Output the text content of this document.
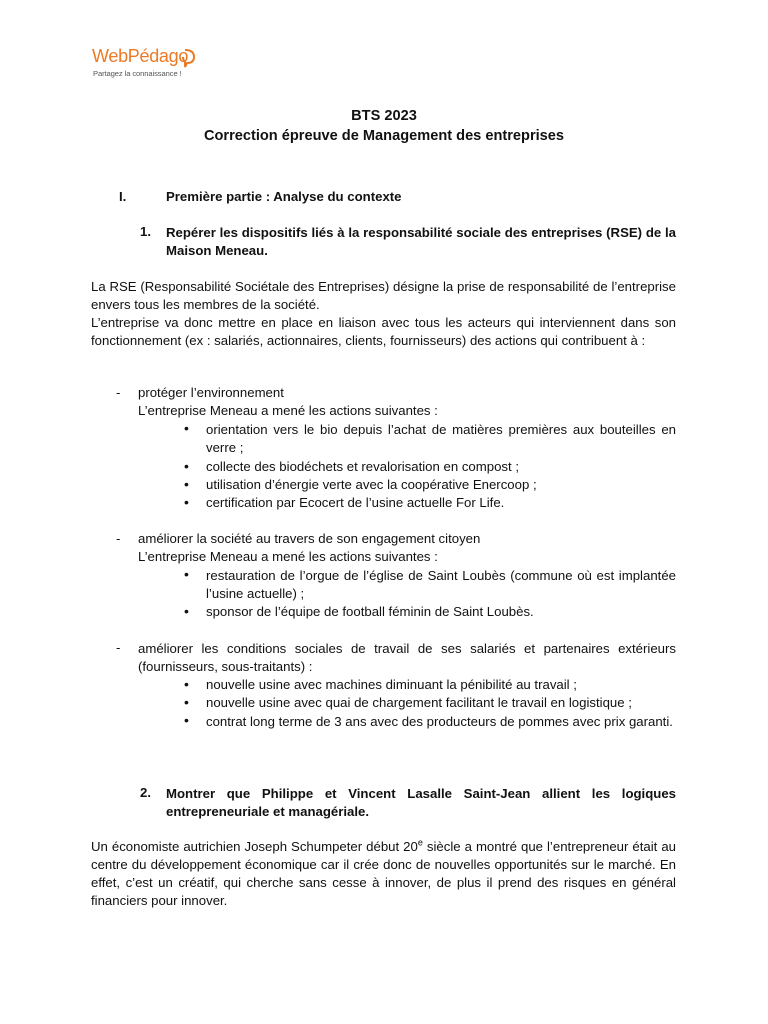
WebPédago
Partagez la connaissance !
BTS 2023
Correction épreuve de Management des entreprises
I.	Première partie : Analyse du contexte
1. Repérer les dispositifs liés à la responsabilité sociale des entreprises (RSE) de la Maison Meneau.
La RSE (Responsabilité Sociétale des Entreprises) désigne la prise de responsabilité de l’entreprise envers tous les membres de la société.
L’entreprise va donc mettre en place en liaison avec tous les acteurs qui interviennent dans son fonctionnement (ex : salariés, actionnaires, clients, fournisseurs) des actions qui contribuent à :
- protéger l’environnement
L’entreprise Meneau a mené les actions suivantes :
• orientation vers le bio depuis l’achat de matières premières aux bouteilles en verre ;
• collecte des biodéchets et revalorisation en compost ;
• utilisation d’énergie verte avec la coopérative Enercoop ;
• certification par Ecocert de l’usine actuelle For Life.
- améliorer la société au travers de son engagement citoyen
L’entreprise Meneau a mené les actions suivantes :
• restauration de l’orgue de l’église de Saint Loubès (commune où est implantée l’usine actuelle) ;
• sponsor de l’équipe de football féminin de Saint Loubès.
- améliorer les conditions sociales de travail de ses salariés et partenaires extérieurs (fournisseurs, sous-traitants) :
• nouvelle usine avec machines diminuant la pénibilité au travail ;
• nouvelle usine avec quai de chargement facilitant le travail en logistique ;
• contrat long terme de 3 ans avec des producteurs de pommes avec prix garanti.
2. Montrer que Philippe et Vincent Lasalle Saint-Jean allient les logiques entrepreneuriale et managériale.
Un économiste autrichien Joseph Schumpeter début 20e siècle a montré que l’entrepreneur était au centre du développement économique car il crée donc de nouvelles opportunités sur le marché. En effet, c’est un créatif, qui cherche sans cesse à innover, de plus il prend des risques en général financiers pour innover.
